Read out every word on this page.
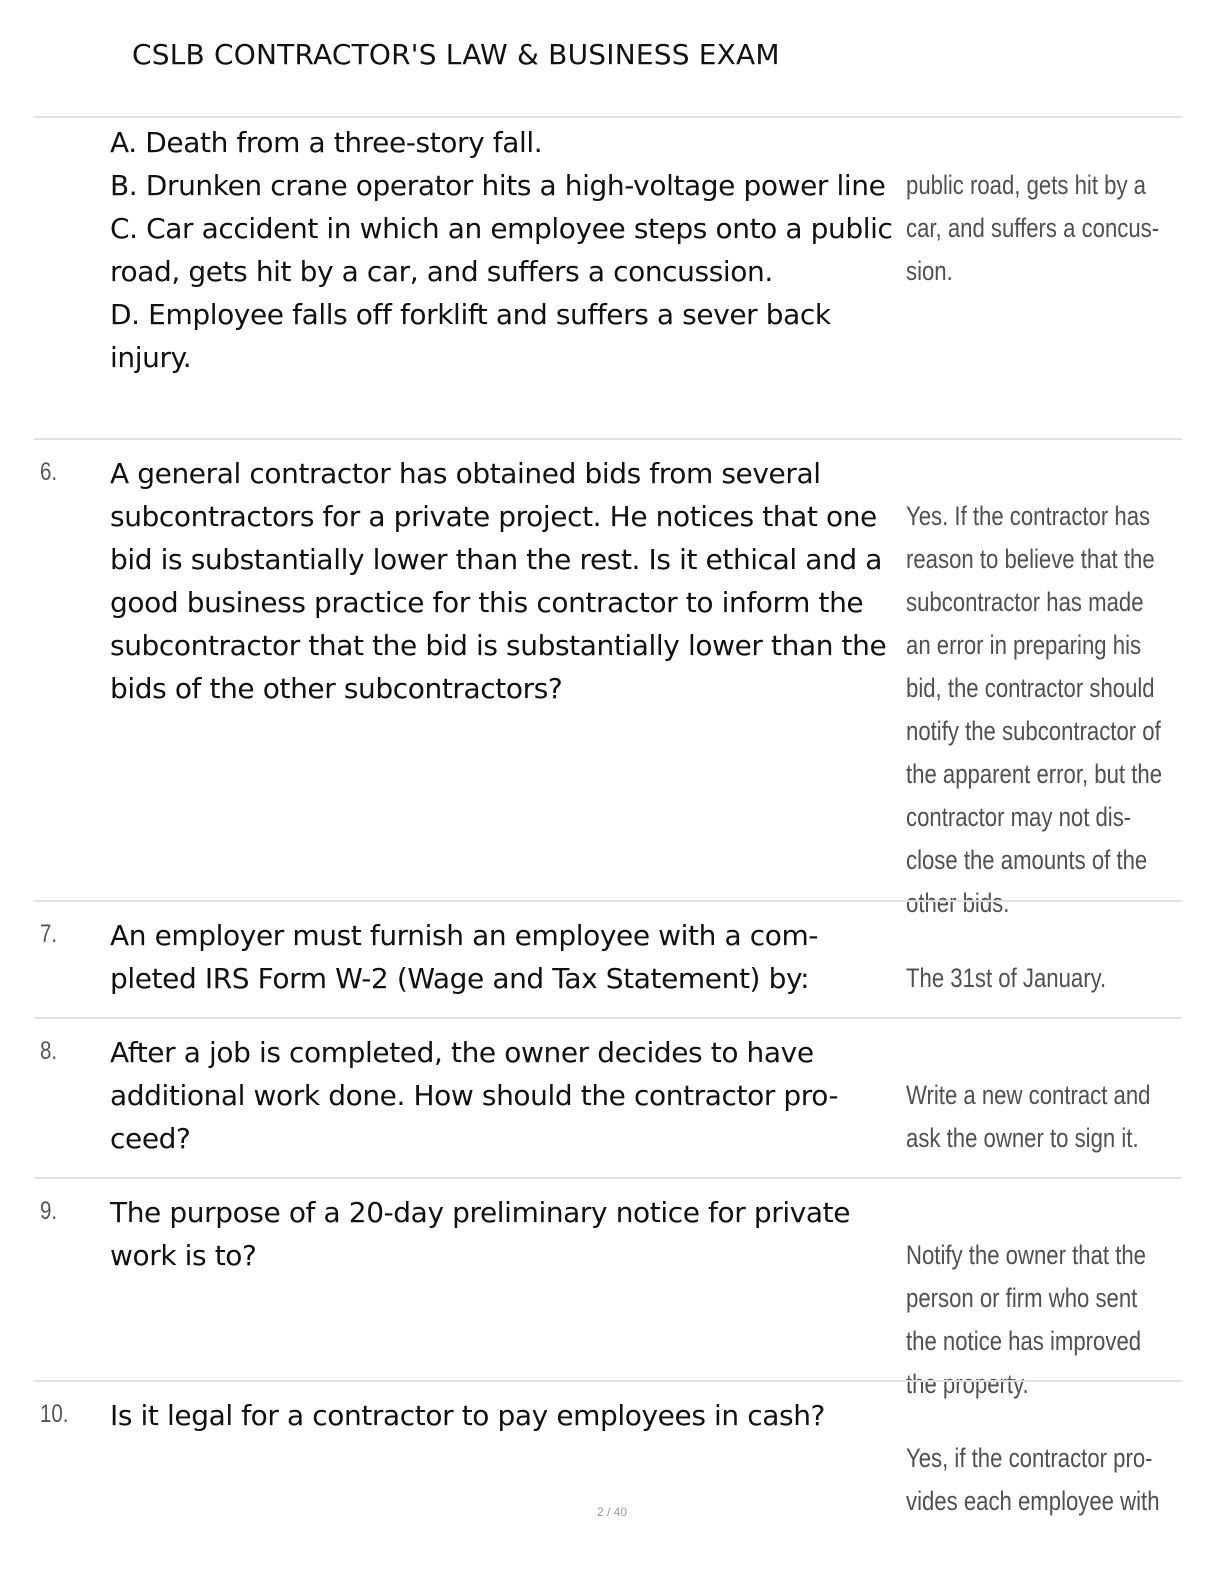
CSLB CONTRACTOR'S LAW & BUSINESS EXAM
A. Death from a three-story fall.
B. Drunken crane operator hits a high-voltage power line
C. Car accident in which an employee steps onto a public road, gets hit by a car, and suffers a concussion.
D. Employee falls off forklift and suffers a sever back injury.

public road, gets hit by a car, and suffers a concus-
sion.

6. A general contractor has obtained bids from several subcontractors for a private project. He notices that one bid is substantially lower than the rest. Is it ethical and a good business practice for this contractor to inform the subcontractor that the bid is substantially lower than the bids of the other subcontractors?

Yes. If the contractor has reason to believe that the subcontractor has made an error in preparing his bid, the contractor should notify the subcontractor of the apparent error, but the contractor may not dis-
close the amounts of the other bids.

7. An employer must furnish an employee with a com-
pleted IRS Form W-2 (Wage and Tax Statement) by:	The 31st of January.

8. After a job is completed, the owner decides to have additional work done. How should the contractor pro-
ceed?

Write a new contract and ask the owner to sign it.

9. The purpose of a 20-day preliminary notice for private work is to?	Notify the owner that the person or firm who sent the notice has improved the property.

10. Is it legal for a contractor to pay employees in cash?

Yes, if the contractor pro-
vides each employee with

2 / 40
